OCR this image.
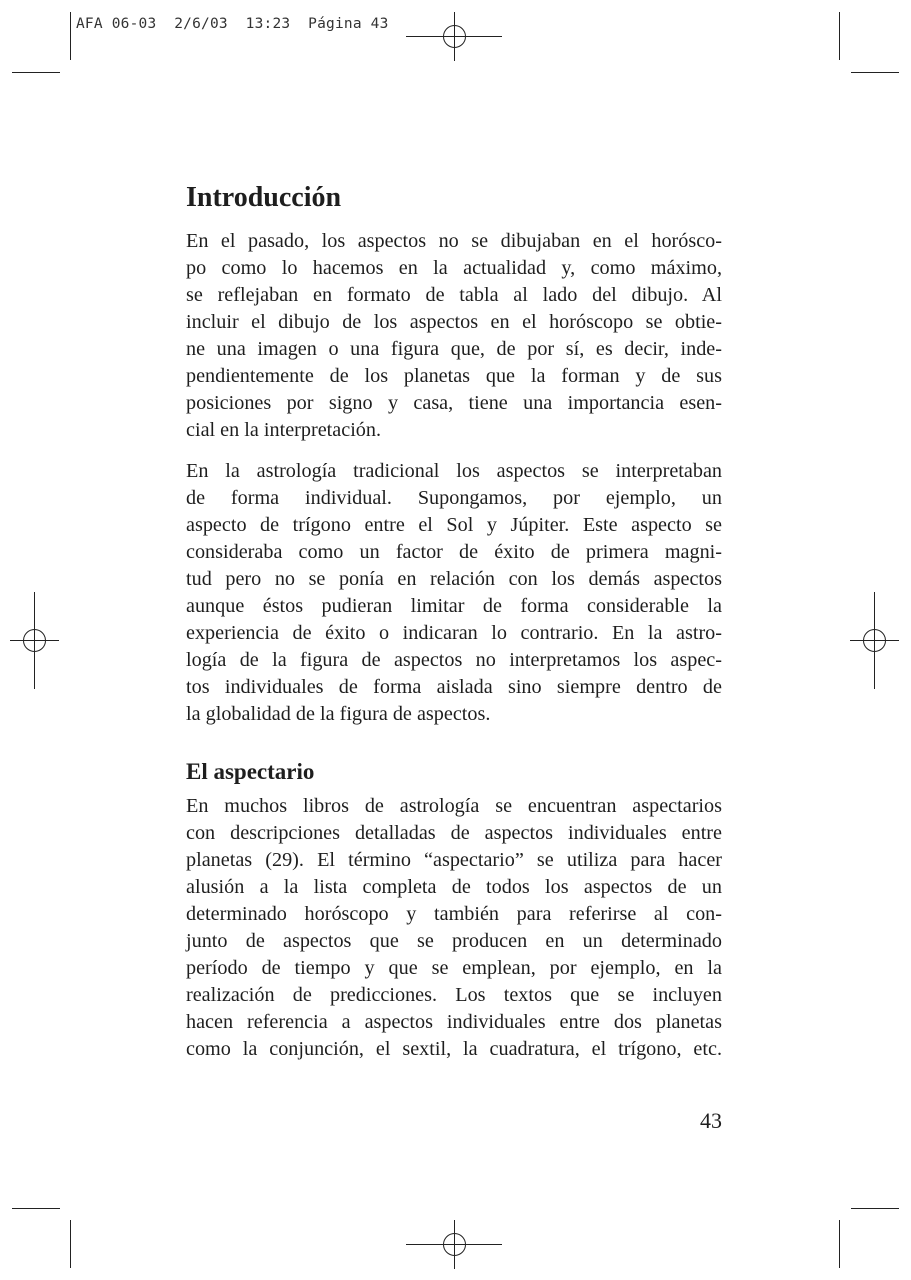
AFA 06-03  2/6/03  13:23  Página 43
Introducción

En el pasado, los aspectos no se dibujaban en el horósco-

po como lo hacemos en la actualidad y, como máximo,

se reflejaban en formato de tabla al lado del dibujo. Al

incluir el dibujo de los aspectos en el horóscopo se obtie-

ne una imagen o una figura que, de por sí, es decir, inde-

pendientemente de los planetas que la forman y de sus

posiciones por signo y casa, tiene una importancia esen-

cial en la interpretación.

En la astrología tradicional los aspectos se interpretaban

de forma individual. Supongamos, por ejemplo, un

aspecto de trígono entre el Sol y Júpiter. Este aspecto se

consideraba como un factor de éxito de primera magni-

tud pero no se ponía en relación con los demás aspectos

aunque éstos pudieran limitar de forma considerable la

experiencia de éxito o indicaran lo contrario. En la astro-

logía de la figura de aspectos no interpretamos los aspec-

tos individuales de forma aislada sino siempre dentro de

la globalidad de la figura de aspectos.

El aspectario

En muchos libros de astrología se encuentran aspectarios

con descripciones detalladas de aspectos individuales entre

planetas (29). El término “aspectario” se utiliza para hacer

alusión a la lista completa de todos los aspectos de un

determinado horóscopo y también para referirse al con-

junto de aspectos que se producen en un determinado

período de tiempo y que se emplean, por ejemplo, en la

realización de predicciones. Los textos que se incluyen

hacen referencia a aspectos individuales entre dos planetas

como la conjunción, el sextil, la cuadratura, el trígono, etc.

43
